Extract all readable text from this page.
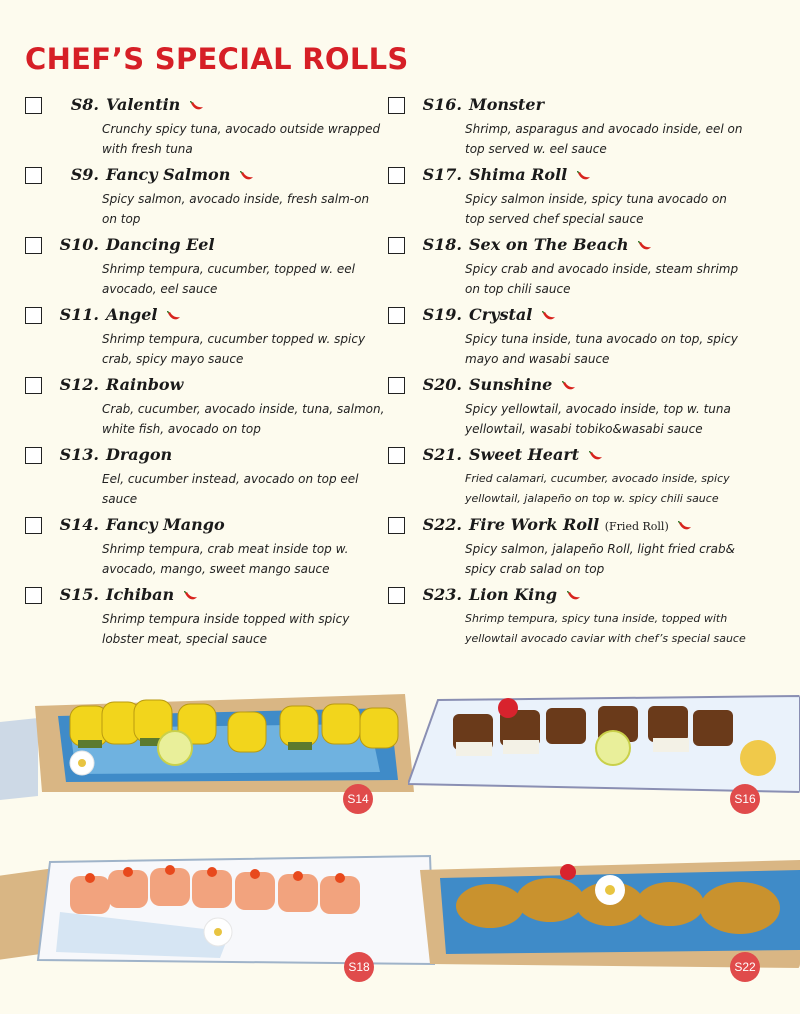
CHEF’S SPECIAL ROLLS
S8. Valentin
Crunchy spicy tuna, avocado outside wrapped with fresh tuna
S9. Fancy Salmon
Spicy salmon, avocado inside, fresh salm-on on top
S10. Dancing Eel
Shrimp tempura, cucumber, topped w. eel avocado, eel sauce
S11. Angel
Shrimp tempura, cucumber topped w. spicy crab, spicy mayo sauce
S12. Rainbow
Crab, cucumber, avocado inside, tuna, salmon, white fish, avocado on top
S13. Dragon
Eel, cucumber instead, avocado on top eel sauce
S14. Fancy Mango
Shrimp tempura, crab meat inside top w. avocado, mango, sweet mango sauce
S15. Ichiban
Shrimp tempura inside topped with spicy lobster meat, special sauce
S16. Monster
Shrimp, asparagus and avocado inside, eel on top served w. eel sauce
S17. Shima Roll
Spicy salmon inside, spicy tuna avocado on top served chef special sauce
S18. Sex on The Beach
Spicy crab and avocado inside, steam shrimp on top chili sauce
S19. Crystal
Spicy tuna inside, tuna avocado on top, spicy mayo and wasabi sauce
S20. Sunshine
Spicy yellowtail, avocado inside, top w. tuna yellowtail, wasabi tobiko&wasabi sauce
S21. Sweet Heart
Fried calamari, cucumber, avocado inside, spicy yellowtail, jalapeño on top w. spicy chili sauce
S22. Fire Work Roll (Fried Roll)
Spicy salmon, jalapeño Roll, light fried crab& spicy crab salad on top
S23. Lion King
Shrimp tempura, spicy tuna inside, topped with yellowtail avocado caviar with chef’s special sauce
S14	S16
S18	S22
